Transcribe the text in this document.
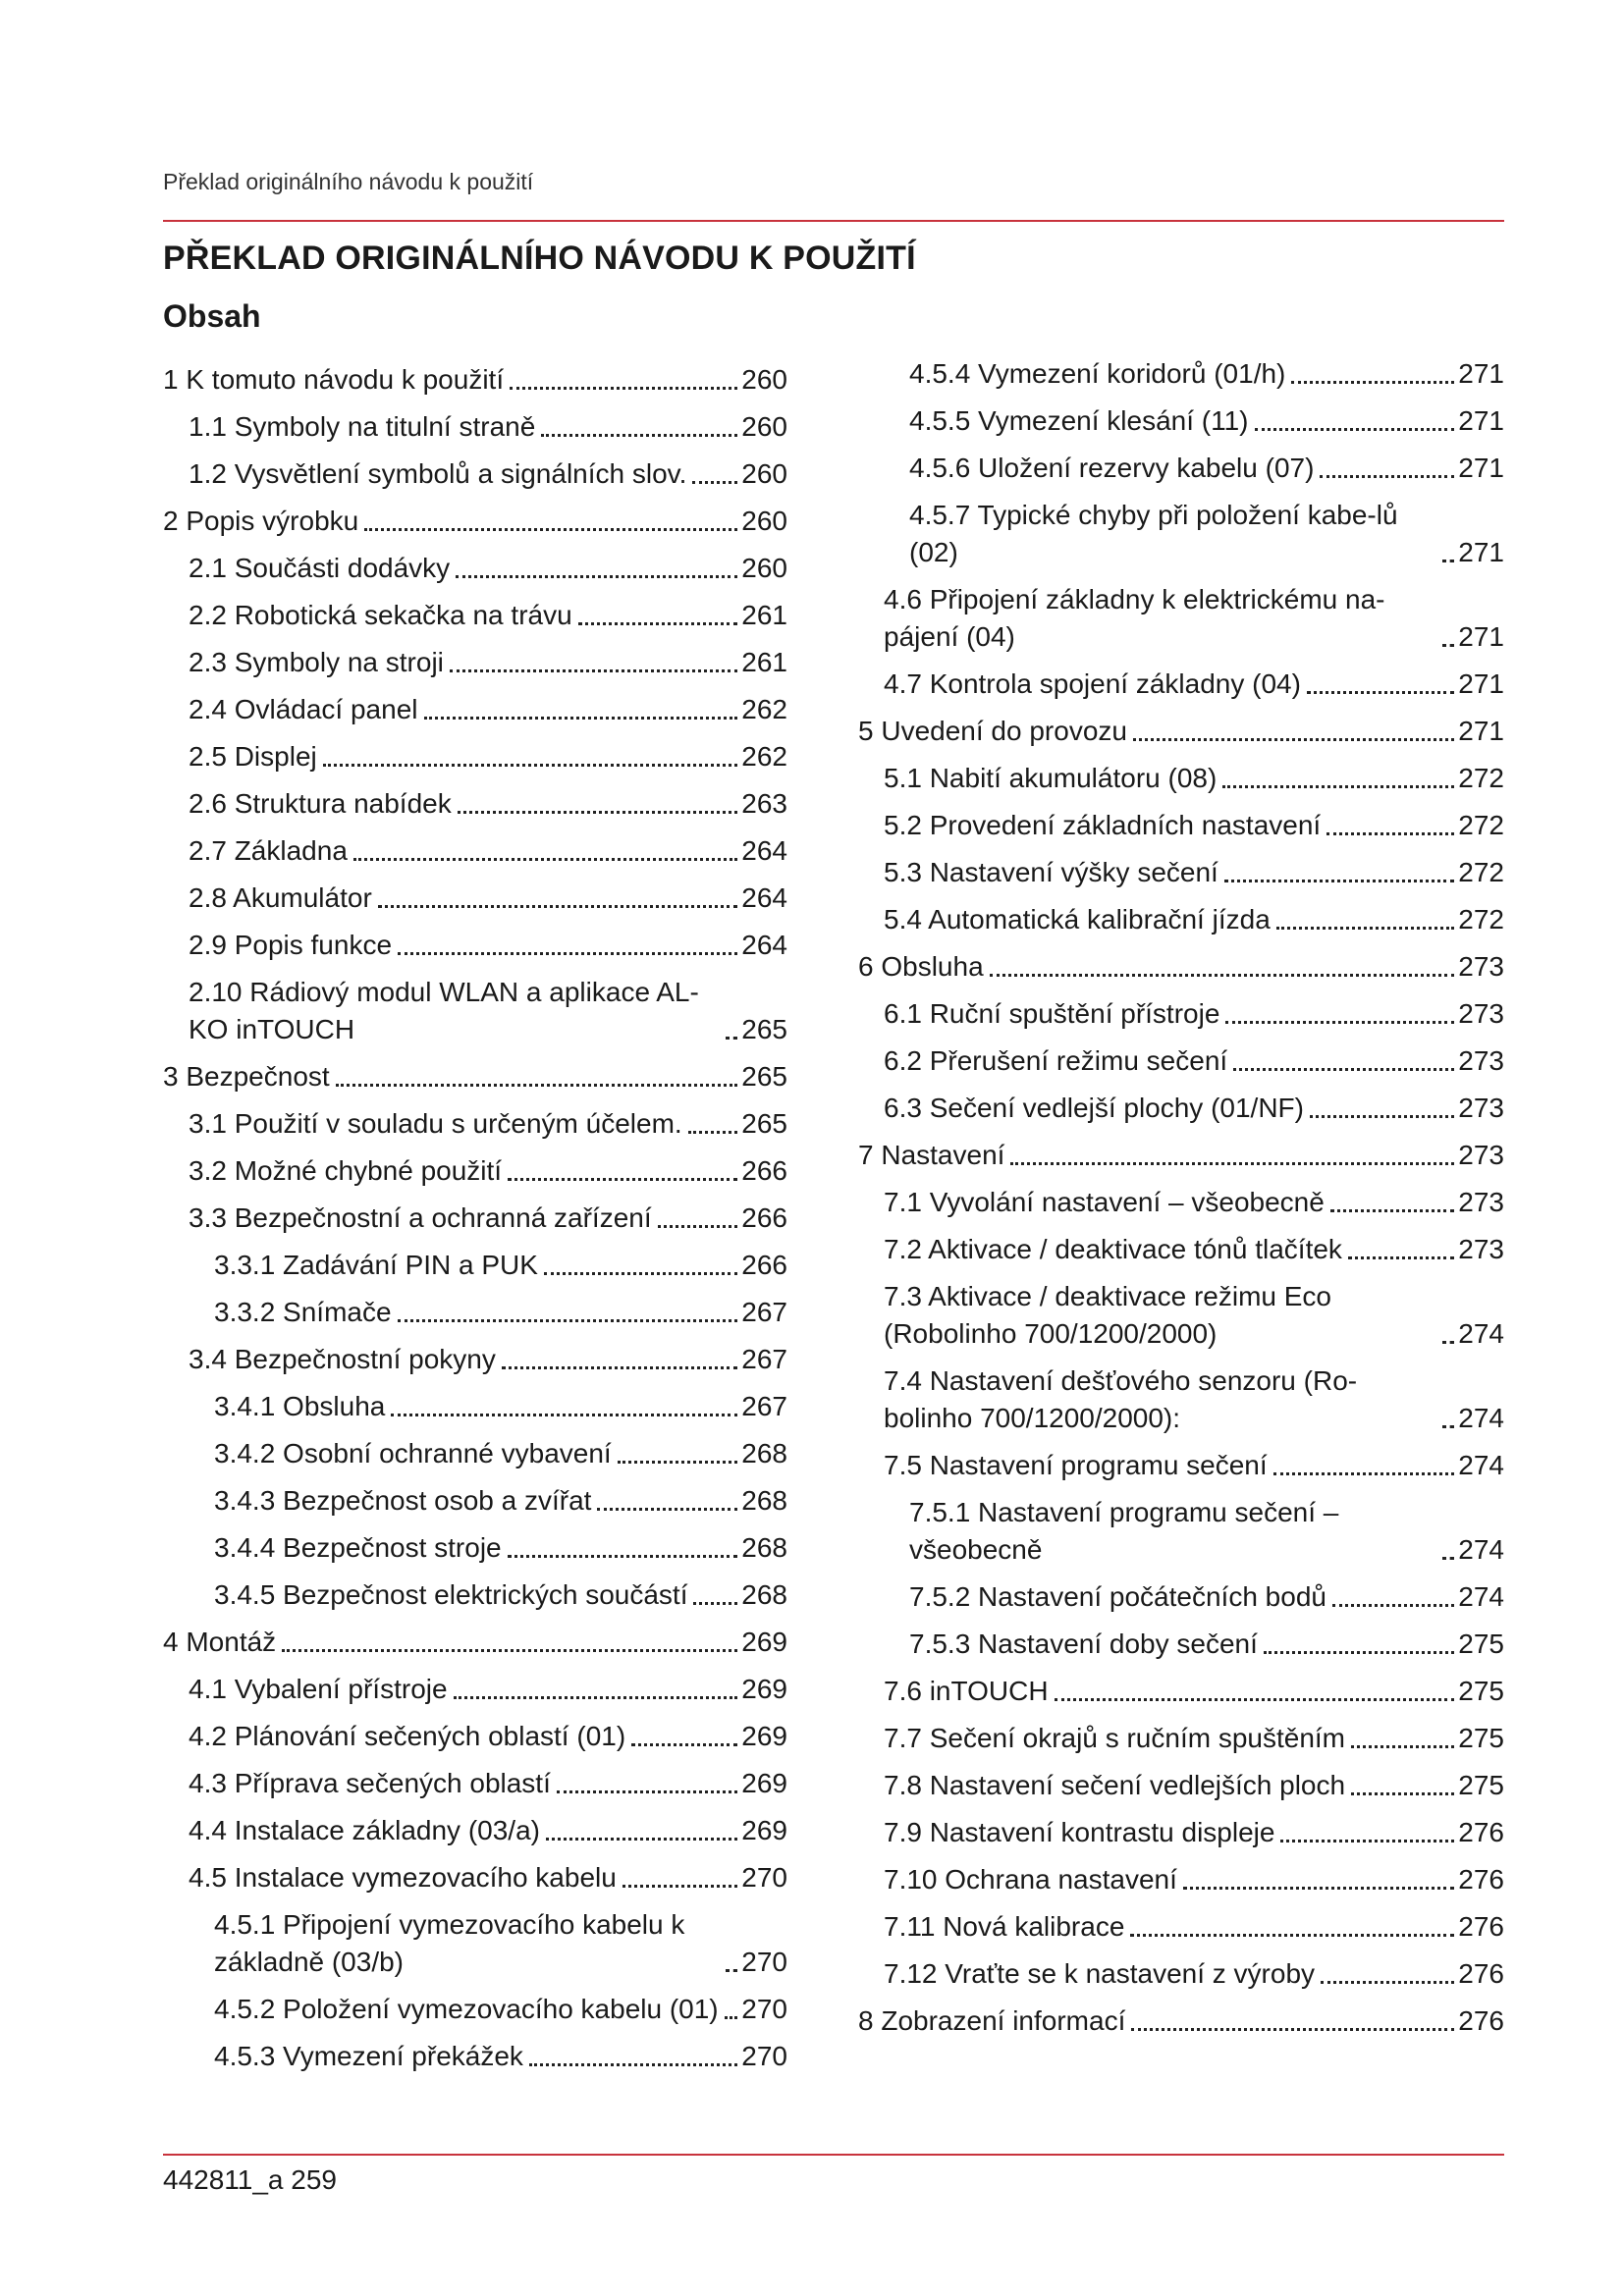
Překlad originálního návodu k použití
PŘEKLAD ORIGINÁLNÍHO NÁVODU K POUŽITÍ
Obsah
1 K tomuto návodu k použití	260
1.1 Symboly na titulní straně	260
1.2 Vysvětlení symbolů a signálních slov. 260
2 Popis výrobku	260
2.1 Součásti dodávky	260
2.2 Robotická sekačka na trávu	261
2.3 Symboly na stroji	261
2.4 Ovládací panel	262
2.5 Displej	262
2.6 Struktura nabídek	263
2.7 Základna	264
2.8 Akumulátor	264
2.9 Popis funkce	264
2.10 Rádiový modul WLAN a aplikace AL-KO inTOUCH	265
3 Bezpečnost	265
3.1 Použití v souladu s určeným účelem. 265
3.2 Možné chybné použití	266
3.3 Bezpečnostní a ochranná zařízení	266
3.3.1 Zadávání PIN a PUK	266
3.3.2 Snímače	267
3.4 Bezpečnostní pokyny	267
3.4.1 Obsluha	267
3.4.2 Osobní ochranné vybavení	268
3.4.3 Bezpečnost osob a zvířat	268
3.4.4 Bezpečnost stroje	268
3.4.5 Bezpečnost elektrických součástí 268
4 Montáž	269
4.1 Vybalení přístroje	269
4.2 Plánování sečených oblastí (01)	269
4.3 Příprava sečených oblastí	269
4.4 Instalace základny (03/a)	269
4.5 Instalace vymezovacího kabelu	270
4.5.1 Připojení vymezovacího kabelu k základně (03/b)	270
4.5.2 Položení vymezovacího kabelu (01) 270
4.5.3 Vymezení překážek	270
4.5.4 Vymezení koridorů (01/h)	271
4.5.5 Vymezení klesání (11)	271
4.5.6 Uložení rezervy kabelu (07)	271
4.5.7 Typické chyby při položení kabe-lů (02)	271
4.6 Připojení základny k elektrickému na-pájení (04)	271
4.7 Kontrola spojení základny (04)	271
5 Uvedení do provozu	271
5.1 Nabití akumulátoru (08)	272
5.2 Provedení základních nastavení	272
5.3 Nastavení výšky sečení	272
5.4 Automatická kalibrační jízda	272
6 Obsluha	273
6.1 Ruční spuštění přístroje	273
6.2 Přerušení režimu sečení	273
6.3 Sečení vedlejší plochy (01/NF)	273
7 Nastavení	273
7.1 Vyvolání nastavení – všeobecně	273
7.2 Aktivace / deaktivace tónů tlačítek	273
7.3 Aktivace / deaktivace režimu Eco (Robolinho 700/1200/2000)	274
7.4 Nastavení dešťového senzoru (Ro-bolinho 700/1200/2000):	274
7.5 Nastavení programu sečení	274
7.5.1 Nastavení programu sečení – všeobecně	274
7.5.2 Nastavení počátečních bodů	274
7.5.3 Nastavení doby sečení	275
7.6 inTOUCH	275
7.7 Sečení okrajů s ručním spuštěním	275
7.8 Nastavení sečení vedlejších ploch	275
7.9 Nastavení kontrastu displeje	276
7.10 Ochrana nastavení	276
7.11 Nová kalibrace	276
7.12 Vraťte se k nastavení z výroby	276
8 Zobrazení informací	276
442811_a 259
